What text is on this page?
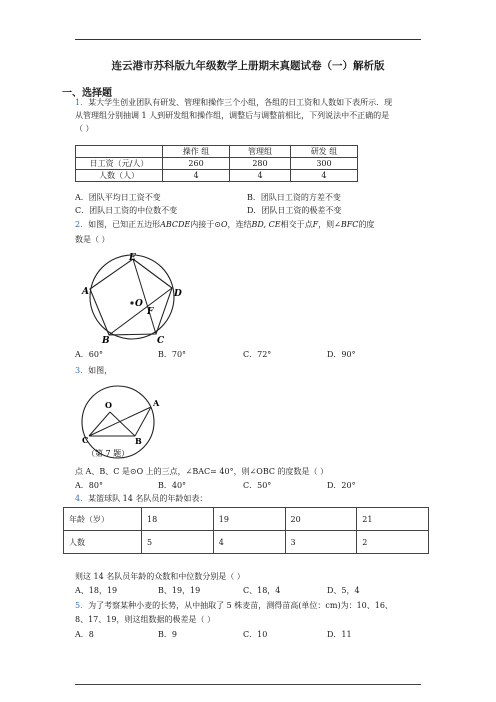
连云港市苏科版九年级数学上册期末真题试卷（一）解析版
一、选择题
1．某大学生创业团队有研发、管理和操作三个小组，各组的日工资和人数如下表所示．现
从管理组分别抽调 1 人到研发组和操作组，调整后与调整前相比，下列说法中不正确的是
（ ）
	操作 组	管理组	研发 组
日工资（元/人）	260	280	300
人数（人）	4	4	4
A．团队平均日工资不变	B．团队日工资的方差不变
C．团队日工资的中位数不变	D．团队日工资的极差不变
2．如图，已知正五边形ABCDE内接于⊙O，连结BD, CE相交于点F，则∠BFC的度
数是（ ）
E
A	D
O
F
B	C
A．60°	B．70°	C．72°	D．90°
3．如图，
O	A
C	B
（第 7 题）
点 A、B、C 是⊙O 上的三点，∠BAC= 40°，则∠OBC 的度数是（ ）
A．80°	B．40°	C．50°	D．20°
4．某篮球队 14 名队员的年龄如表：
年龄（岁）	18	19	20	21
人数	5	4	3	2
则这 14 名队员年龄的众数和中位数分别是（ ）
A、18，19	B、19，19	C、18，4	D、5，4
5．为了考察某种小麦的长势，从中抽取了 5 株麦苗，测得苗高(单位：cm)为：10、16、
8、17、19，则这组数据的极差是（ ）
A．8	B．9	C．10	D．11
